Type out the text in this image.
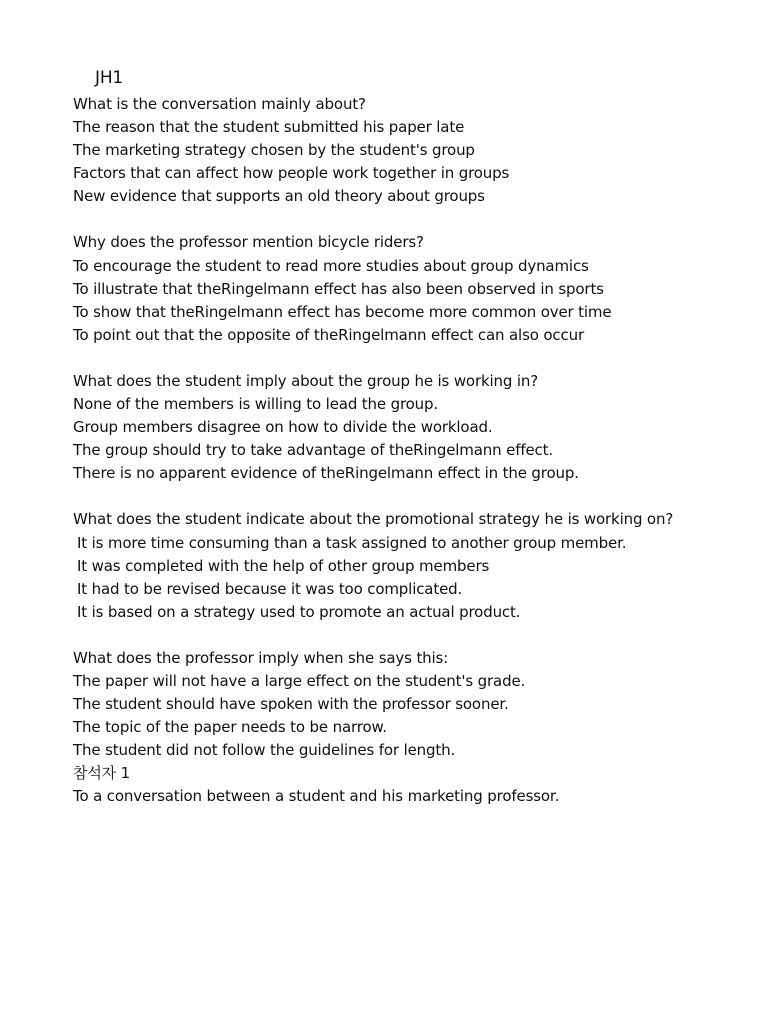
JH1
What is the conversation mainly about?
The reason that the student submitted his paper late
The marketing strategy chosen by the student's group
Factors that can affect how people work together in groups
New evidence that supports an old theory about groups
Why does the professor mention bicycle riders?
To encourage the student to read more studies about group dynamics
To illustrate that theRingelmann effect has also been observed in sports
To show that theRingelmann effect has become more common over time
To point out that the opposite of theRingelmann effect can also occur
What does the student imply about the group he is working in?
None of the members is willing to lead the group.
Group members disagree on how to divide the workload.
The group should try to take advantage of theRingelmann effect.
There is no apparent evidence of theRingelmann effect in the group.
What does the student indicate about the promotional strategy he is working on?
It is more time consuming than a task assigned to another group member.
It was completed with the help of other group members
It had to be revised because it was too complicated.
It is based on a strategy used to promote an actual product.
What does the professor imply when she says this:
The paper will not have a large effect on the student's grade.
The student should have spoken with the professor sooner.
The topic of the paper needs to be narrow.
The student did not follow the guidelines for length.
참석자 1
To a conversation between a student and his marketing professor.
